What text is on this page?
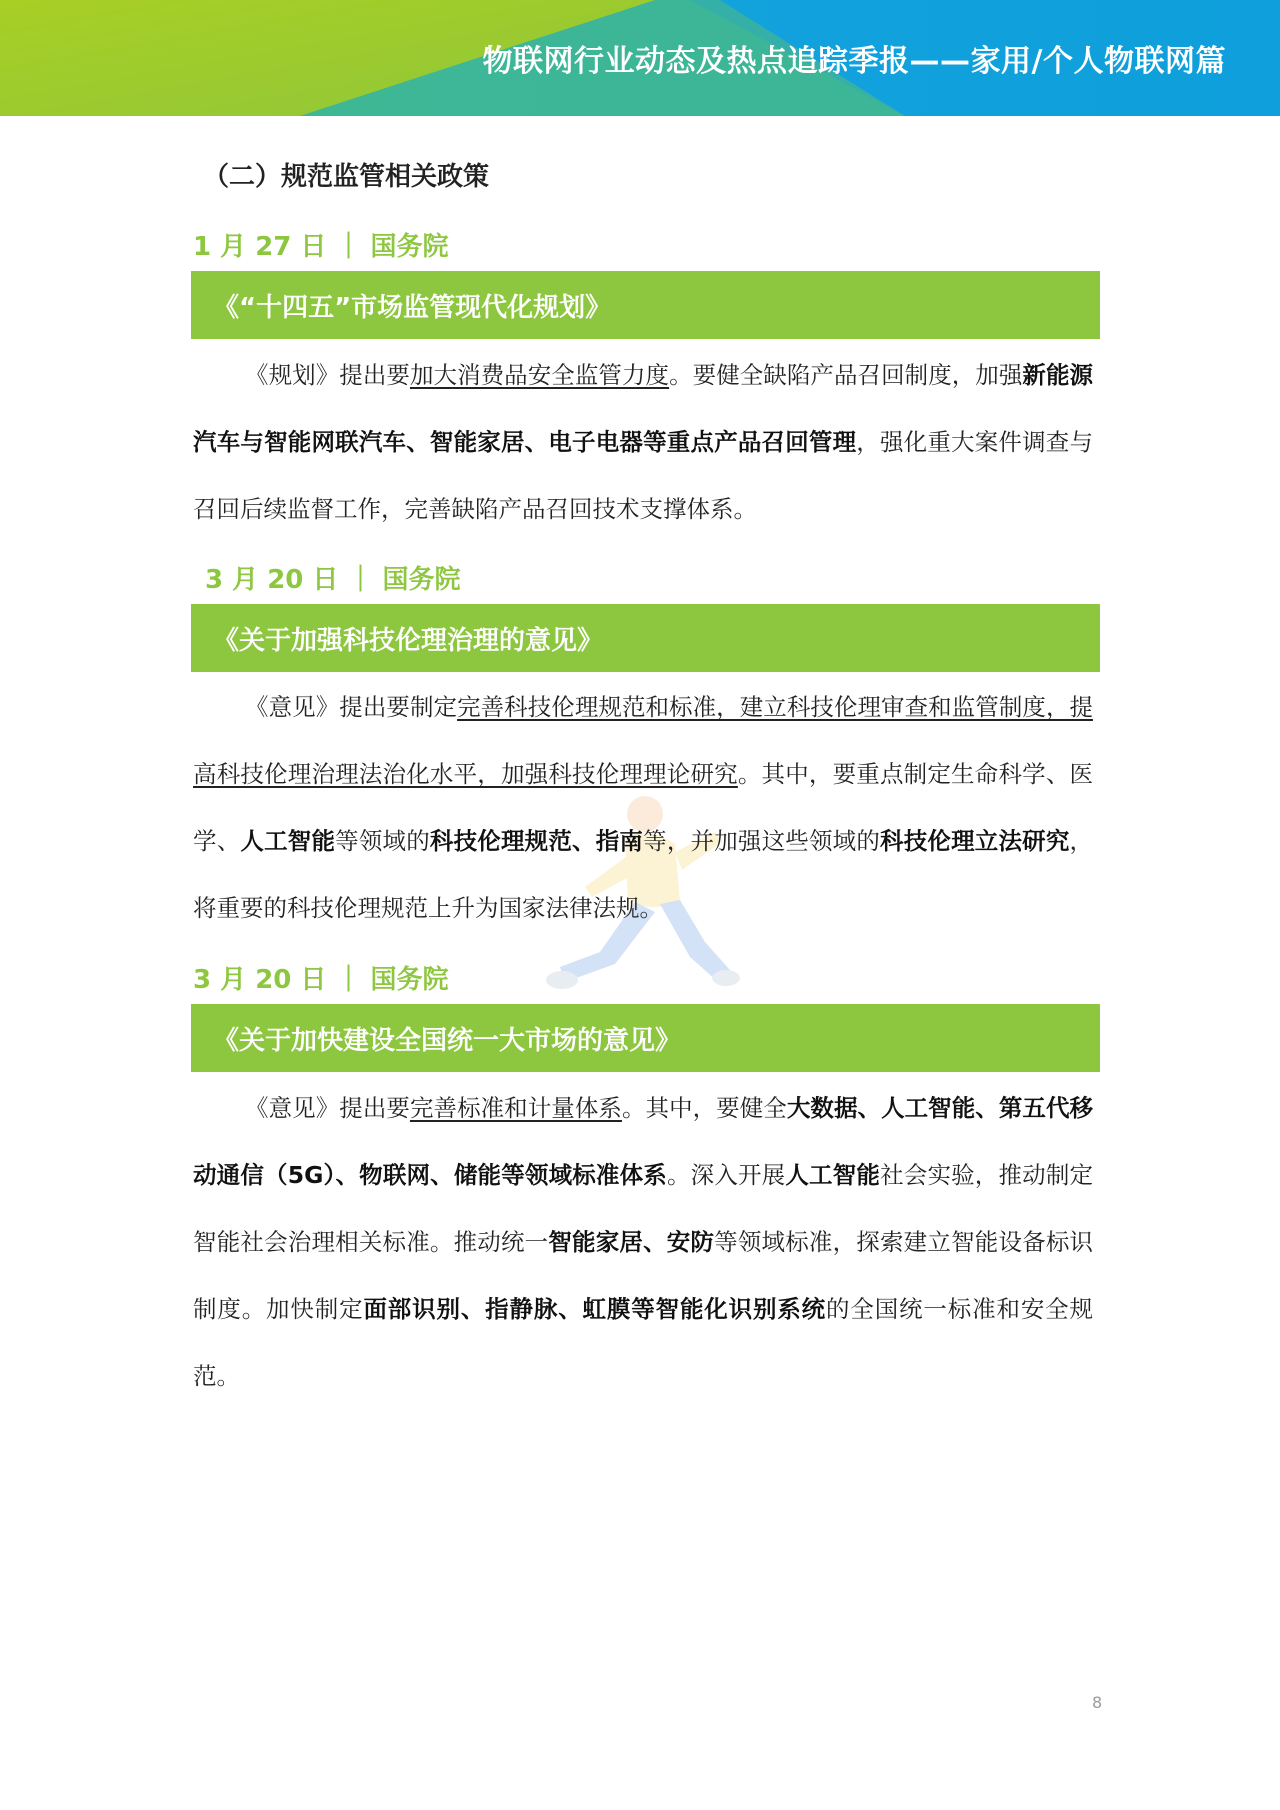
物联网行业动态及热点追踪季报——家用/个人物联网篇
（二）规范监管相关政策
1 月 27 日 ｜ 国务院
《“十四五”市场监管现代化规划》
《规划》提出要加大消费品安全监管力度。要健全缺陷产品召回制度，加强新能源汽车与智能网联汽车、智能家居、电子电器等重点产品召回管理，强化重大案件调查与召回后续监督工作，完善缺陷产品召回技术支撑体系。
3 月 20 日 ｜ 国务院
《关于加强科技伦理治理的意见》
《意见》提出要制定完善科技伦理规范和标准，建立科技伦理审查和监管制度，提高科技伦理治理法治化水平，加强科技伦理理论研究。其中，要重点制定生命科学、医学、人工智能等领域的科技伦理规范、指南等，并加强这些领域的科技伦理立法研究，将重要的科技伦理规范上升为国家法律法规。
3 月 20 日 ｜ 国务院
《关于加快建设全国统一大市场的意见》
《意见》提出要完善标准和计量体系。其中，要健全大数据、人工智能、第五代移动通信（5G）、物联网、储能等领域标准体系。深入开展人工智能社会实验，推动制定智能社会治理相关标准。推动统一智能家居、安防等领域标准，探索建立智能设备标识制度。加快制定面部识别、指静脉、虹膜等智能化识别系统的全国统一标准和安全规范。
8
